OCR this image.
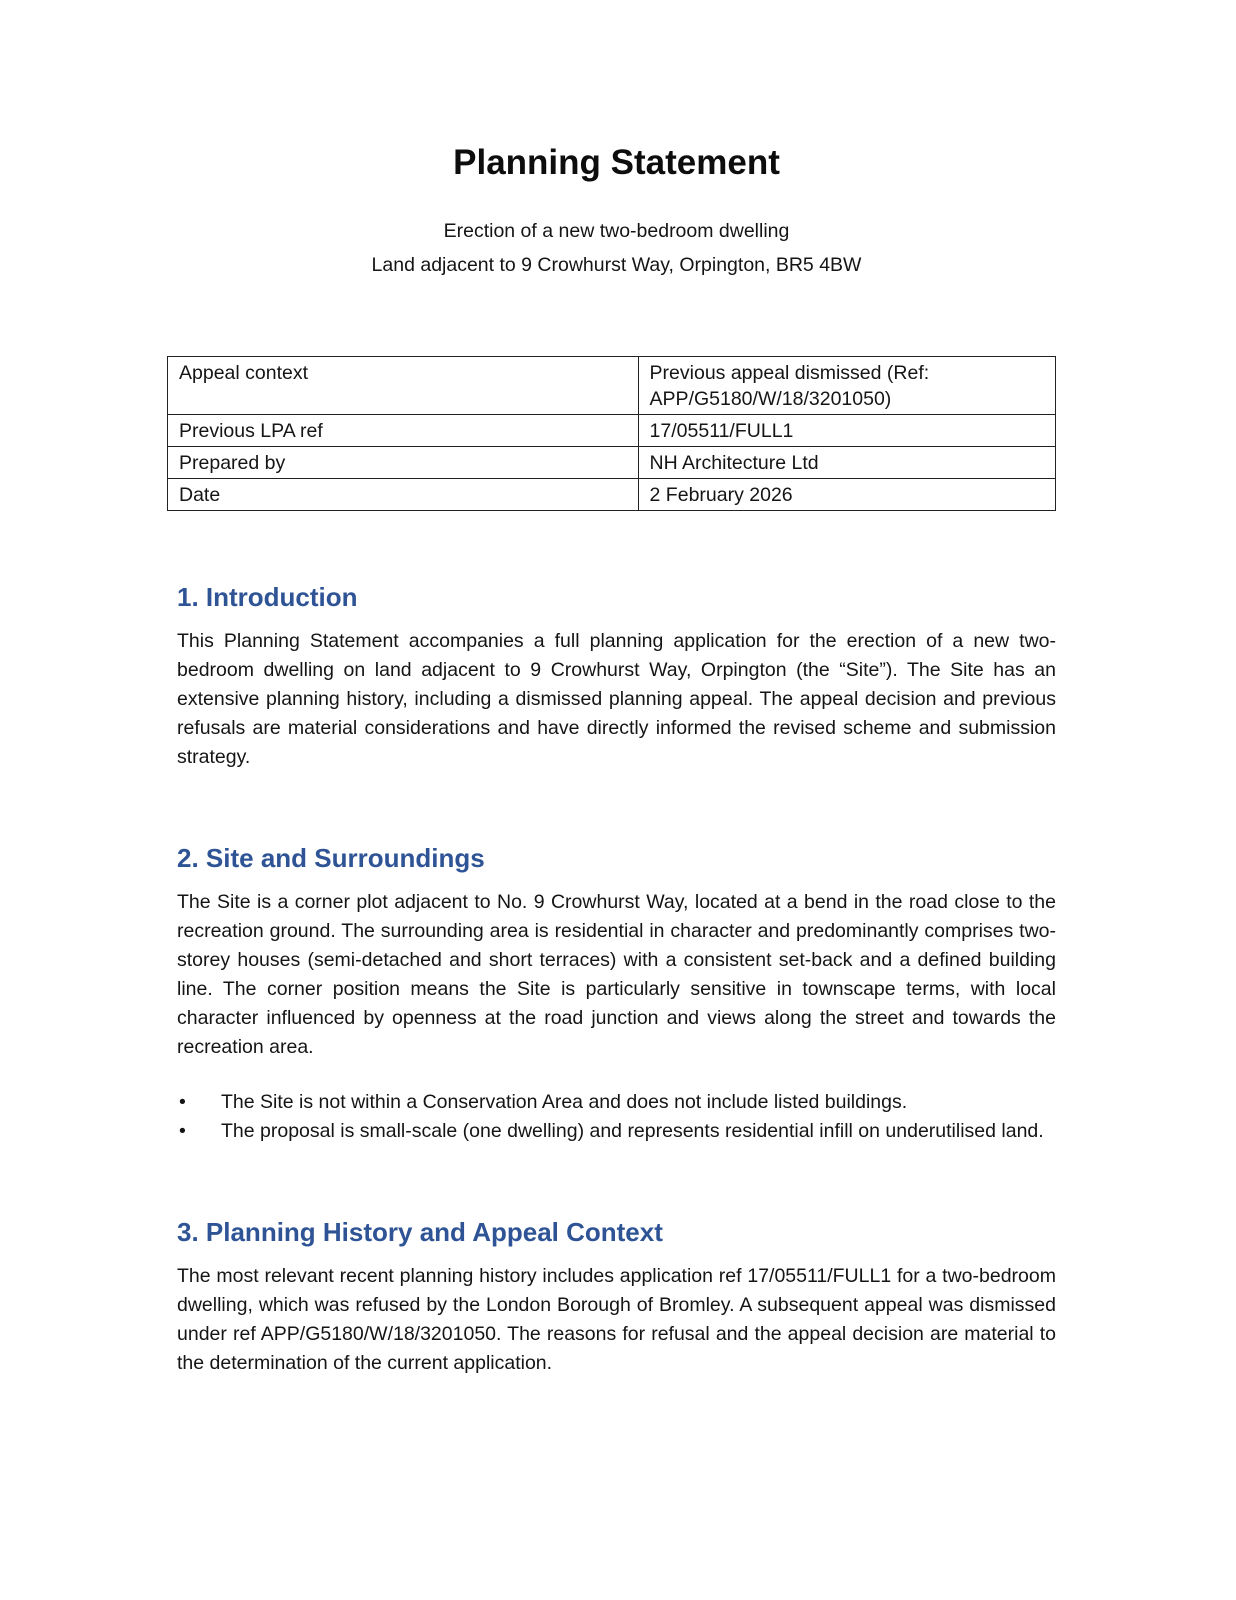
Planning Statement

Erection of a new two-bedroom dwelling

Land adjacent to 9 Crowhurst Way, Orpington, BR5 4BW

Appeal context	Previous appeal dismissed (Ref: APP/G5180/W/18/3201050)
Previous LPA ref	17/05511/FULL1
Prepared by	NH Architecture Ltd
Date	2 February 2026
1. Introduction

This Planning Statement accompanies a full planning application for the erection of a new two-bedroom dwelling on land adjacent to 9 Crowhurst Way, Orpington (the “Site”). The Site has an extensive planning history, including a dismissed planning appeal. The appeal decision and previous refusals are material considerations and have directly informed the revised scheme and submission strategy.

2. Site and Surroundings

The Site is a corner plot adjacent to No. 9 Crowhurst Way, located at a bend in the road close to the recreation ground. The surrounding area is residential in character and predominantly comprises two-storey houses (semi-detached and short terraces) with a consistent set-back and a defined building line. The corner position means the Site is particularly sensitive in townscape terms, with local character influenced by openness at the road junction and views along the street and towards the recreation area.

• The Site is not within a Conservation Area and does not include listed buildings.
• The proposal is small-scale (one dwelling) and represents residential infill on underutilised land.
3. Planning History and Appeal Context

The most relevant recent planning history includes application ref 17/05511/FULL1 for a two-bedroom dwelling, which was refused by the London Borough of Bromley. A subsequent appeal was dismissed under ref APP/G5180/W/18/3201050. The reasons for refusal and the appeal decision are material to the determination of the current application.
